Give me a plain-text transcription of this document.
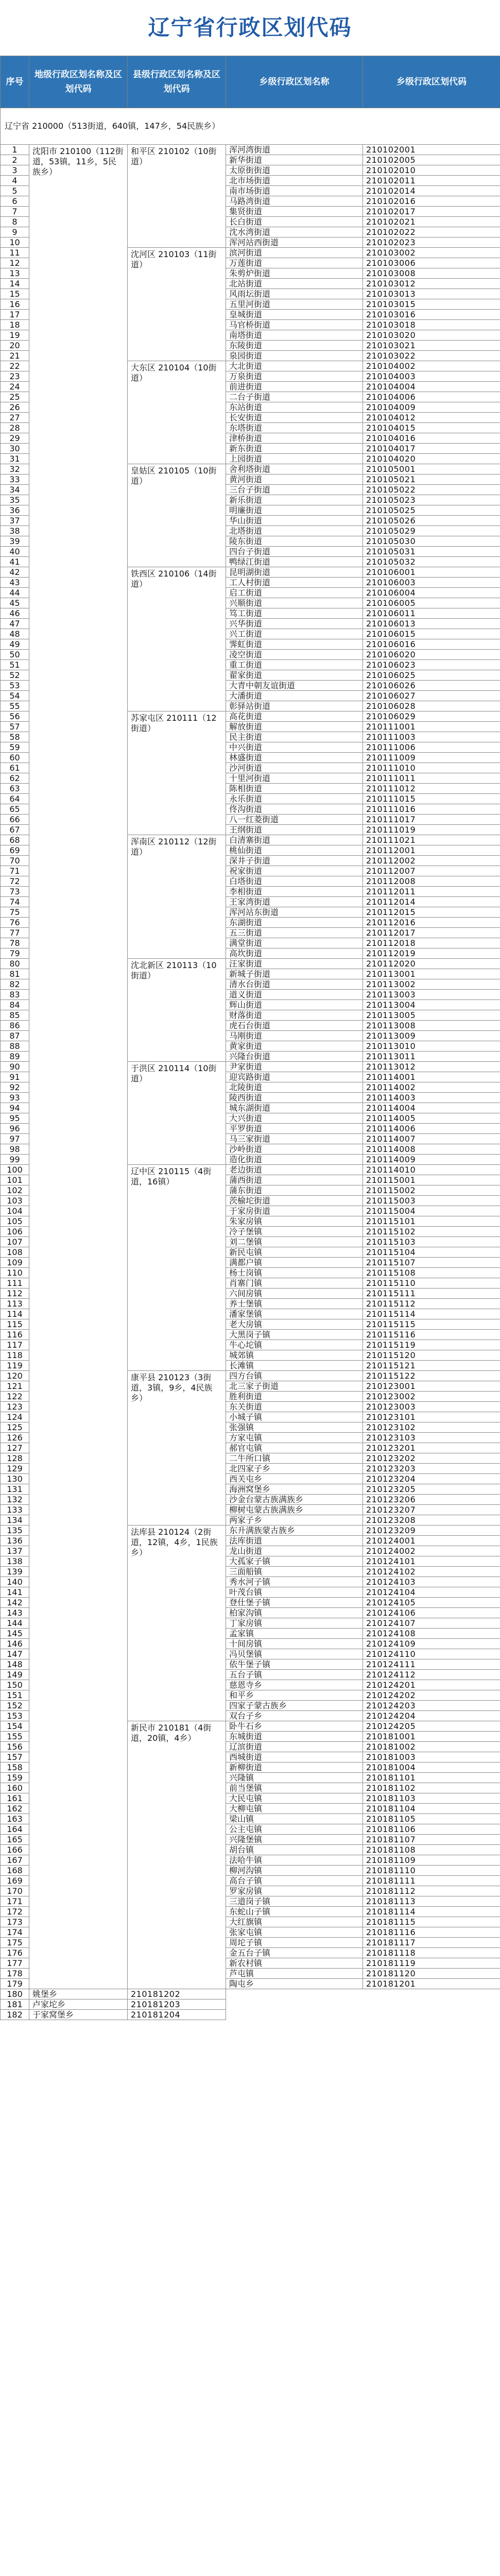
辽宁省行政区划代码
序号	地级行政区划名称及区划代码	县级行政区划名称及区划代码	乡级行政区划名称	乡级行政区划代码
辽宁省 210000（513街道，640镇，147乡，54民族乡）				
1	沈阳市 210100（112街道，53镇，11乡，5民族乡）	和平区 210102（10街道）	浑河湾街道	210102001
2			新华街道	210102005
3			太原街街道	210102010
4			北市场街道	210102011
5			南市场街道	210102014
6			马路湾街道	210102016
7			集贤街道	210102017
8			长白街道	210102021
9			沈水湾街道	210102022
10			浑河站西街道	210102023
11		沈河区 210103（11街道）	滨河街道	210103002
12			万莲街道	210103006
13			朱剪炉街道	210103008
14			北站街道	210103012
15			风雨坛街道	210103013
16			五里河街道	210103015
17			皇城街道	210103016
18			马官桥街道	210103018
19			南塔街道	210103020
20			东陵街道	210103021
21			泉园街道	210103022
22		大东区 210104（10街道）	大北街道	210104002
23			万泉街道	210104003
24			前进街道	210104004
25			二台子街道	210104006
26			东站街道	210104009
27			长安街道	210104012
28			东塔街道	210104015
29			津桥街道	210104016
30			新东街道	210104017
31			上园街道	210104020
32		皇姑区 210105（10街道）	舍利塔街道	210105001
33			黄河街道	210105021
34			三台子街道	210105022
35			新乐街道	210105023
36			明廉街道	210105025
37			华山街道	210105026
38			北塔街道	210105029
39			陵东街道	210105030
40			四台子街道	210105031
41			鸭绿江街道	210105032
42		铁西区 210106（14街道）	昆明湖街道	210106001
43			工人村街道	210106003
44			启工街道	210106004
45			兴顺街道	210106005
46			笃工街道	210106011
47			兴华街道	210106013
48			兴工街道	210106015
49			霁虹街道	210106016
50			凌空街道	210106020
51			重工街道	210106023
52			翟家街道	210106025
53			大青中朝友谊街道	210106026
54			大潘街道	210106027
55			彰驿站街道	210106028
56		苏家屯区 210111（12街道）	高花街道	210106029
57			解放街道	210111001
58			民主街道	210111003
59			中兴街道	210111006
60			林盛街道	210111009
61			沙河街道	210111010
62			十里河街道	210111011
63			陈相街道	210111012
64			永乐街道	210111015
65			佟沟街道	210111016
66			八一红菱街道	210111017
67			王纲街道	210111019
68		浑南区 210112（12街道）	白清寨街道	210111021
69			桃仙街道	210112001
70			深井子街道	210112002
71			祝家街道	210112007
72			白塔街道	210112008
73			李相街道	210112011
74			王家湾街道	210112014
75			浑河站东街道	210112015
76			东湖街道	210112016
77			五三街道	210112017
78			满堂街道	210112018
79			高坎街道	210112019
80		沈北新区 210113（10街道）	汪家街道	210112020
81			新城子街道	210113001
82			清水台街道	210113002
83			道义街道	210113003
84			辉山街道	210113004
85			财落街道	210113005
86			虎石台街道	210113008
87			马刚街道	210113009
88			黄家街道	210113010
89			兴隆台街道	210113011
90		于洪区 210114（10街道）	尹家街道	210113012
91			迎宾路街道	210114001
92			北陵街道	210114002
93			陵西街道	210114003
94			城东湖街道	210114004
95			大兴街道	210114005
96			平罗街道	210114006
97			马三家街道	210114007
98			沙岭街道	210114008
99			造化街道	210114009
100		辽中区 210115（4街道，16镇）	老边街道	210114010
101			蒲西街道	210115001
102			蒲东街道	210115002
103			茨榆坨街道	210115003
104			于家房街道	210115004
105			朱家房镇	210115101
106			冷子堡镇	210115102
107			刘二堡镇	210115103
108			新民屯镇	210115104
109			满都户镇	210115107
110			杨士岗镇	210115108
111			肖寨门镇	210115110
112			六间房镇	210115111
113			养士堡镇	210115112
114			潘家堡镇	210115114
115			老大房镇	210115115
116			大黑岗子镇	210115116
117			牛心坨镇	210115119
118			城郊镇	210115120
119			长滩镇	210115121
120		康平县 210123（3街道，3镇，9乡，4民族乡）	四方台镇	210115122
121			北三家子街道	210123001
122			胜利街道	210123002
123			东关街道	210123003
124			小城子镇	210123101
125			张强镇	210123102
126			方家屯镇	210123103
127			郝官屯镇	210123201
128			二牛所口镇	210123202
129			北四家子乡	210123203
130			西关屯乡	210123204
131			海洲窝堡乡	210123205
132			沙金台蒙古族满族乡	210123206
133			柳树屯蒙古族满族乡	210123207
134			两家子乡	210123208
135		法库县 210124（2街道，12镇，4乡，1民族乡）	东升满族蒙古族乡	210123209
136			法库街道	210124001
137			龙山街道	210124002
138			大孤家子镇	210124101
139			三面船镇	210124102
140			秀水河子镇	210124103
141			叶茂台镇	210124104
142			登仕堡子镇	210124105
143			柏家沟镇	210124106
144			丁家房镇	210124107
145			孟家镇	210124108
146			十间房镇	210124109
147			冯贝堡镇	210124110
148			依牛堡子镇	210124111
149			五台子镇	210124112
150			慈恩寺乡	210124201
151			和平乡	210124202
152			四家子蒙古族乡	210124203
153			双台子乡	210124204
154		新民市 210181（4街道，20镇，4乡）	卧牛石乡	210124205
155			东城街道	210181001
156			辽滨街道	210181002
157			西城街道	210181003
158			新柳街道	210181004
159			兴隆镇	210181101
160			前当堡镇	210181102
161			大民屯镇	210181103
162			大柳屯镇	210181104
163			梁山镇	210181105
164			公主屯镇	210181106
165			兴隆堡镇	210181107
166			胡台镇	210181108
167			法哈牛镇	210181109
168			柳河沟镇	210181110
169			高台子镇	210181111
170			罗家房镇	210181112
171			三道岗子镇	210181113
172			东蛇山子镇	210181114
173			大红旗镇	210181115
174			张家屯镇	210181116
175			周坨子镇	210181117
176			金五台子镇	210181118
177			新农村镇	210181119
178			芦屯镇	210181120
179			陶屯乡	210181201
180	姚堡乡	210181202		
181	卢家坨乡	210181203		
182	于家窝堡乡	210181204		
